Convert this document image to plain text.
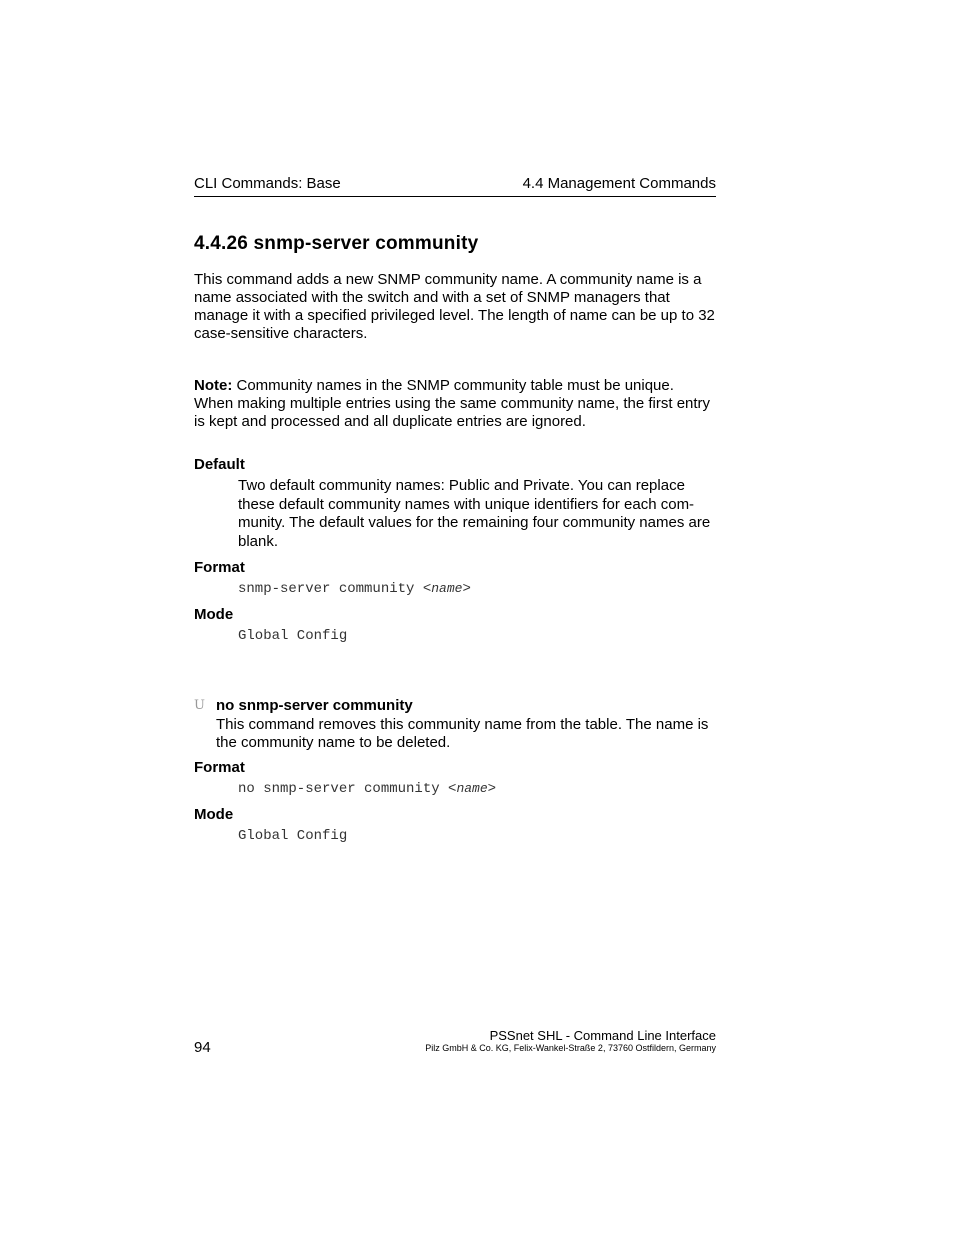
CLI Commands: Base	4.4 Management Commands
4.4.26 snmp-server community
This command adds a new SNMP community name. A community name is a name associated with the switch and with a set of SNMP managers that manage it with a specified privileged level. The length of name can be up to 32 case-sensitive characters.
Note: Community names in the SNMP community table must be unique. When making multiple entries using the same community name, the first entry is kept and processed and all duplicate entries are ignored.
Default
Two default community names: Public and Private. You can replace these default community names with unique identifiers for each com-munity. The default values for the remaining four community names are blank.
Format
snmp-server community <name>
Mode
Global Config
U no snmp-server community
This command removes this community name from the table. The name is the community name to be deleted.
Format
no snmp-server community <name>
Mode
Global Config
94
PSSnet SHL - Command Line Interface
Pilz GmbH & Co. KG, Felix-Wankel-Straße 2, 73760 Ostfildern, Germany
